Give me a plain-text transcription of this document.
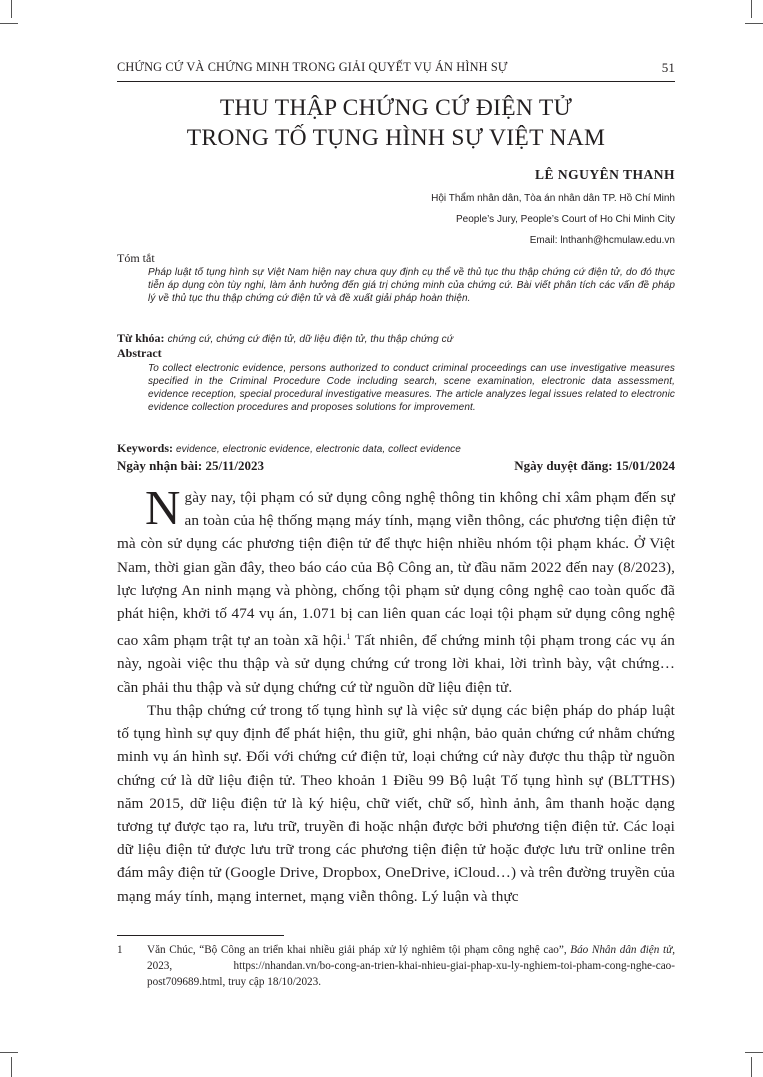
CHỨNG CỨ VÀ CHỨNG MINH TRONG GIẢI QUYẾT VỤ ÁN HÌNH SỰ	51
THU THẬP CHỨNG CỨ ĐIỆN TỬ
TRONG TỐ TỤNG HÌNH SỰ VIỆT NAM
LÊ NGUYÊN THANH
Hội Thẩm nhân dân, Tòa án nhân dân TP. Hồ Chí Minh
People’s Jury, People’s Court of Ho Chi Minh City
Email: lnthanh@hcmulaw.edu.vn
Tóm tắt
Pháp luật tố tụng hình sự Việt Nam hiện nay chưa quy định cụ thể về thủ tục thu thập chứng cứ điện tử, do đó thực tiễn áp dụng còn tùy nghi, làm ảnh hưởng đến giá trị chứng minh của chứng cứ. Bài viết phân tích các vấn đề pháp lý về thủ tục thu thập chứng cứ điện tử và đề xuất giải pháp hoàn thiện.
Từ khóa: chứng cứ, chứng cứ điện tử, dữ liệu điện tử, thu thập chứng cứ
Abstract
To collect electronic evidence, persons authorized to conduct criminal proceedings can use investigative measures specified in the Criminal Procedure Code including search, scene examination, electronic data assessment, evidence reception, special procedural investigative measures. The article analyzes legal issues related to electronic evidence collection procedures and proposes solutions for improvement.
Keywords: evidence, electronic evidence, electronic data, collect evidence
Ngày nhận bài: 25/11/2023	Ngày duyệt đăng: 15/01/2024

Ngày nay, tội phạm có sử dụng công nghệ thông tin không chỉ xâm phạm đến sự an toàn của hệ thống mạng máy tính, mạng viễn thông, các phương tiện điện tử mà còn sử dụng các phương tiện điện tử để thực hiện nhiều nhóm tội phạm khác. Ở Việt Nam, thời gian gần đây, theo báo cáo của Bộ Công an, từ đầu năm 2022 đến nay (8/2023), lực lượng An ninh mạng và phòng, chống tội phạm sử dụng công nghệ cao toàn quốc đã phát hiện, khởi tố 474 vụ án, 1.071 bị can liên quan các loại tội phạm sử dụng công nghệ cao xâm phạm trật tự an toàn xã hội.$^1$ Tất nhiên, để chứng minh tội phạm trong các vụ án này, ngoài việc thu thập và sử dụng chứng cứ trong lời khai, lời trình bày, vật chứng… cần phải thu thập và sử dụng chứng cứ từ nguồn dữ liệu điện tử.

Thu thập chứng cứ trong tố tụng hình sự là việc sử dụng các biện pháp do pháp luật tố tụng hình sự quy định để phát hiện, thu giữ, ghi nhận, bảo quản chứng cứ nhằm chứng minh vụ án hình sự. Đối với chứng cứ điện tử, loại chứng cứ này được thu thập từ nguồn chứng cứ là dữ liệu điện tử. Theo khoản 1 Điều 99 Bộ luật Tố tụng hình sự (BLTTHS) năm 2015, dữ liệu điện tử là ký hiệu, chữ viết, chữ số, hình ảnh, âm thanh hoặc dạng tương tự được tạo ra, lưu trữ, truyền đi hoặc nhận được bởi phương tiện điện tử. Các loại dữ liệu điện tử được lưu trữ trong các phương tiện điện tử hoặc được lưu trữ online trên đám mây điện tử (Google Drive, Dropbox, OneDrive, iCloud…) và trên đường truyền của mạng máy tính, mạng internet, mạng viễn thông. Lý luận và thực

1 Văn Chúc, “Bộ Công an triển khai nhiều giải pháp xử lý nghiêm tội phạm công nghệ cao”, Báo Nhân dân điện tử, 2023, https://nhandan.vn/bo-cong-an-trien-khai-nhieu-giai-phap-xu-ly-nghiem-toi-pham-cong-nghe-cao-post709689.html, truy cập 18/10/2023.
